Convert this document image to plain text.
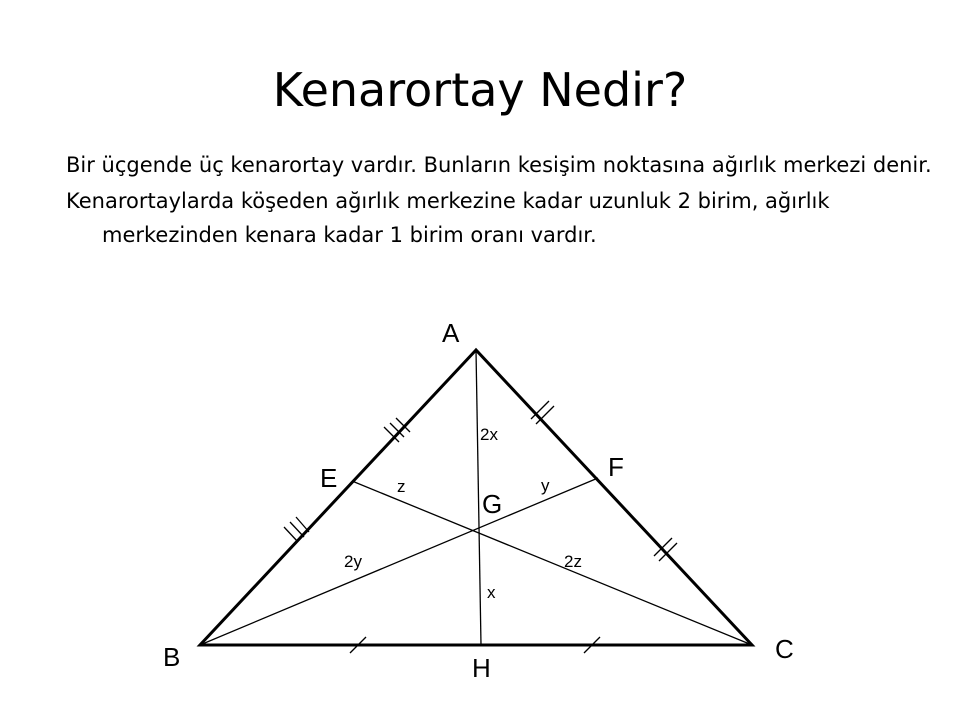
Kenarortay Nedir?

Bir üçgende üç kenarortay vardır. Bunların kesişim noktasına ağırlık merkezi denir.

Kenarortaylarda köşeden ağırlık merkezine kadar uzunluk 2 birim, ağırlık merkezinden kenara kadar 1 birim oranı vardır.

A
B	C
E	F
H
G
2x
x
z	y
2y	2z
